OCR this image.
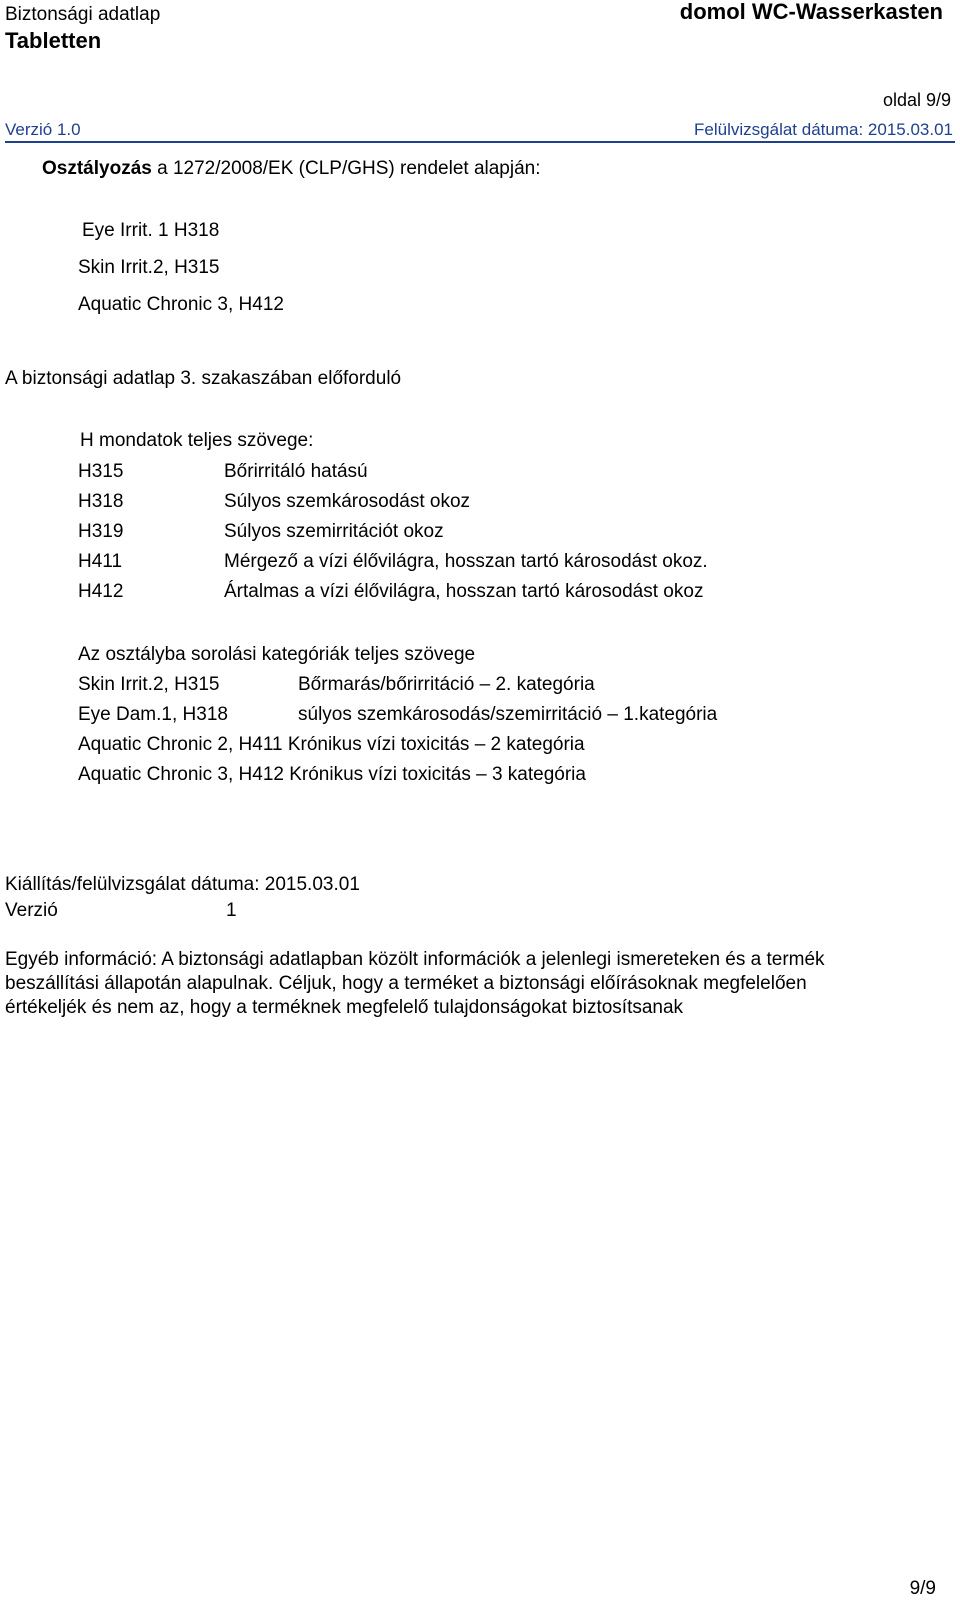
Biztonsági adatlap
Tabletten
domol WC-Wasserkasten
oldal 9/9
Verzió 1.0	Felülvizsgálat dátuma: 2015.03.01
Osztályozás a 1272/2008/EK (CLP/GHS) rendelet alapján:
Eye Irrit. 1 H318
Skin Irrit.2, H315
Aquatic Chronic 3, H412
A biztonsági adatlap 3. szakaszában előforduló
H mondatok teljes szövege:
H315	Bőrirritáló hatású
H318	Súlyos szemkárosodást okoz
H319	Súlyos szemirritációt okoz
H411	Mérgező a vízi élővilágra, hosszan tartó károsodást okoz.
H412	Ártalmas a vízi élővilágra, hosszan tartó károsodást okoz
Az osztályba sorolási kategóriák teljes szövege
Skin Irrit.2, H315	Bőrmarás/bőrirritáció – 2. kategória
Eye Dam.1, H318	súlyos szemkárosodás/szemirritáció – 1.kategória
Aquatic Chronic 2, H411 Krónikus vízi toxicitás – 2 kategória
Aquatic Chronic 3, H412 Krónikus vízi toxicitás – 3 kategória
Kiállítás/felülvizsgálat dátuma: 2015.03.01
Verzió	1
Egyéb információ: A biztonsági adatlapban közölt információk a jelenlegi ismereteken és a termék
beszállítási állapotán alapulnak. Céljuk, hogy a terméket a biztonsági előírásoknak megfelelően
értékeljék és nem az, hogy a terméknek megfelelő tulajdonságokat biztosítsanak
9/9
